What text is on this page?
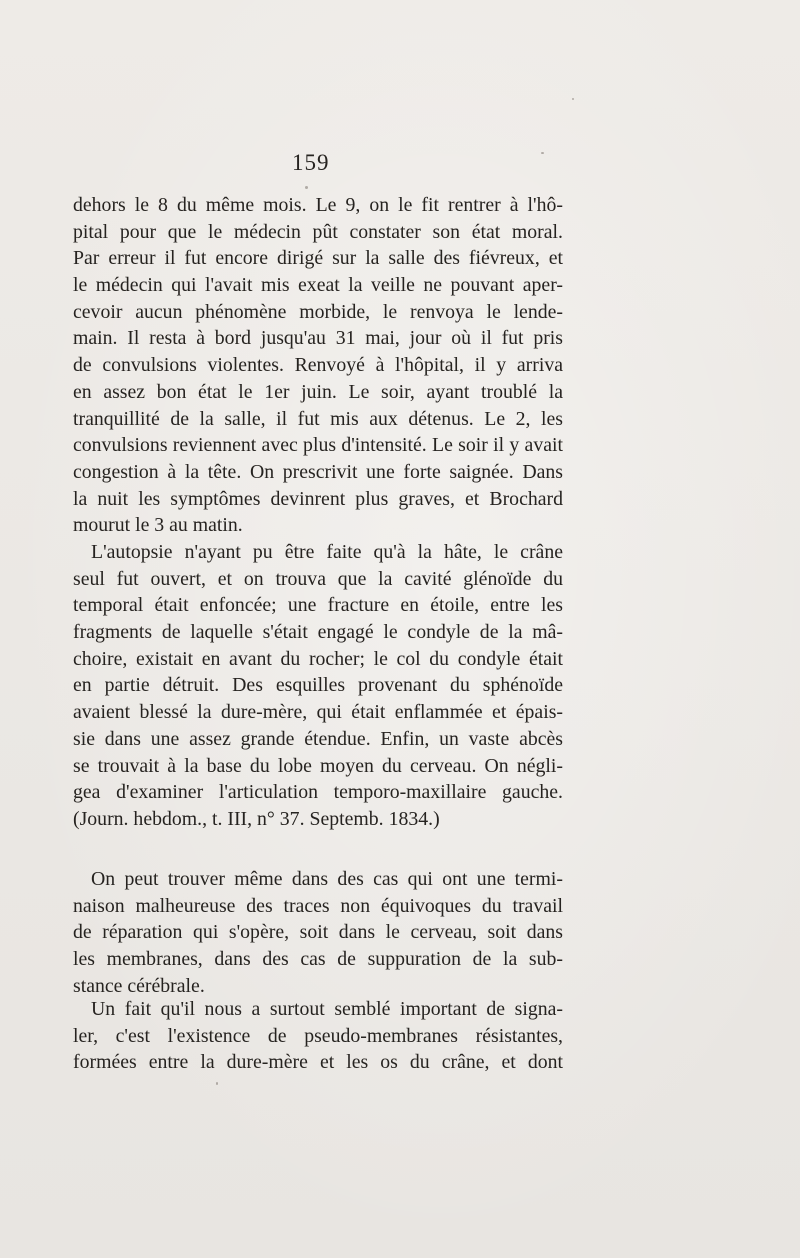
159
dehors le 8 du même mois. Le 9, on le fit rentrer à l'hô-
pital pour que le médecin pût constater son état moral.
Par erreur il fut encore dirigé sur la salle des fiévreux, et
le médecin qui l'avait mis exeat la veille ne pouvant aper-
cevoir aucun phénomène morbide, le renvoya le lende-
main. Il resta à bord jusqu'au 31 mai, jour où il fut pris
de convulsions violentes. Renvoyé à l'hôpital, il y arriva
en assez bon état le 1er juin. Le soir, ayant troublé la
tranquillité de la salle, il fut mis aux détenus. Le 2, les
convulsions reviennent avec plus d'intensité. Le soir il y avait
congestion à la tête. On prescrivit une forte saignée. Dans
la nuit les symptômes devinrent plus graves, et Brochard
mourut le 3 au matin.
L'autopsie n'ayant pu être faite qu'à la hâte, le crâne
seul fut ouvert, et on trouva que la cavité glénoïde du
temporal était enfoncée; une fracture en étoile, entre les
fragments de laquelle s'était engagé le condyle de la mâ-
choire, existait en avant du rocher; le col du condyle était
en partie détruit. Des esquilles provenant du sphénoïde
avaient blessé la dure-mère, qui était enflammée et épais-
sie dans une assez grande étendue. Enfin, un vaste abcès
se trouvait à la base du lobe moyen du cerveau. On négli-
gea d'examiner l'articulation temporo-maxillaire gauche.
(Journ. hebdom., t. III, n° 37. Septemb. 1834.)
On peut trouver même dans des cas qui ont une termi-
naison malheureuse des traces non équivoques du travail
de réparation qui s'opère, soit dans le cerveau, soit dans
les membranes, dans des cas de suppuration de la sub-
stance cérébrale.
Un fait qu'il nous a surtout semblé important de signa-
ler, c'est l'existence de pseudo-membranes résistantes,
formées entre la dure-mère et les os du crâne, et dont
